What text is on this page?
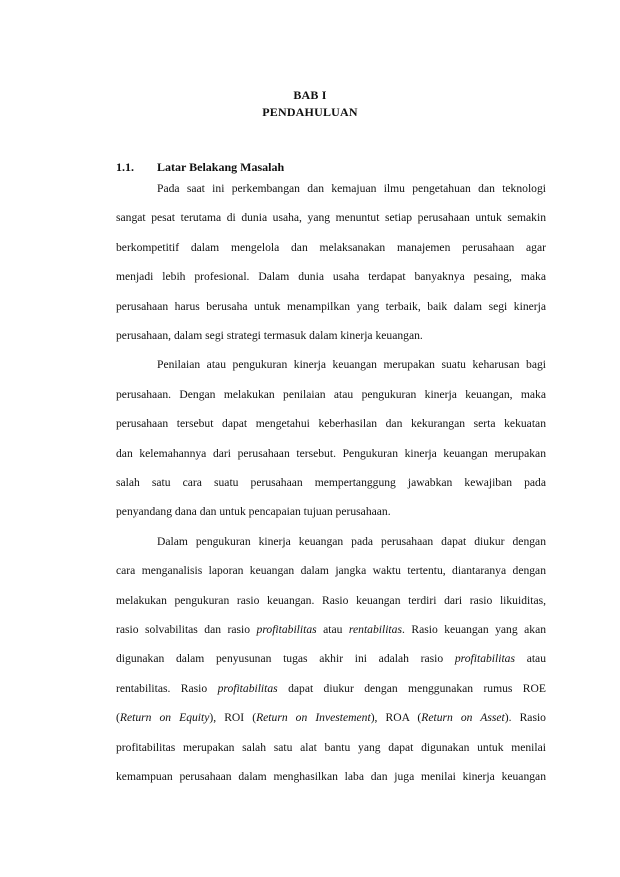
BAB I
PENDAHULUAN
1.1. Latar Belakang Masalah
Pada saat ini perkembangan dan kemajuan ilmu pengetahuan dan teknologi
sangat pesat terutama di dunia usaha, yang menuntut setiap perusahaan untuk semakin
berkompetitif dalam mengelola dan melaksanakan manajemen perusahaan agar
menjadi lebih profesional. Dalam dunia usaha terdapat banyaknya pesaing, maka
perusahaan harus berusaha untuk menampilkan yang terbaik, baik dalam segi kinerja
perusahaan, dalam segi strategi termasuk dalam kinerja keuangan.
Penilaian atau pengukuran kinerja keuangan merupakan suatu keharusan bagi
perusahaan. Dengan melakukan penilaian atau pengukuran kinerja keuangan, maka
perusahaan tersebut dapat mengetahui keberhasilan dan kekurangan serta kekuatan
dan kelemahannya dari perusahaan tersebut. Pengukuran kinerja keuangan merupakan
salah satu cara suatu perusahaan mempertanggung jawabkan kewajiban pada
penyandang dana dan untuk pencapaian tujuan perusahaan.
Dalam pengukuran kinerja keuangan pada perusahaan dapat diukur dengan
cara menganalisis laporan keuangan dalam jangka waktu tertentu, diantaranya dengan
melakukan pengukuran rasio keuangan. Rasio keuangan terdiri dari rasio likuiditas,
rasio solvabilitas dan rasio profitabilitas atau rentabilitas. Rasio keuangan yang akan
digunakan dalam penyusunan tugas akhir ini adalah rasio profitabilitas atau
rentabilitas. Rasio profitabilitas dapat diukur dengan menggunakan rumus ROE
(Return on Equity), ROI (Return on Investement), ROA (Return on Asset). Rasio
profitabilitas merupakan salah satu alat bantu yang dapat digunakan untuk menilai
kemampuan perusahaan dalam menghasilkan laba dan juga menilai kinerja keuangan
